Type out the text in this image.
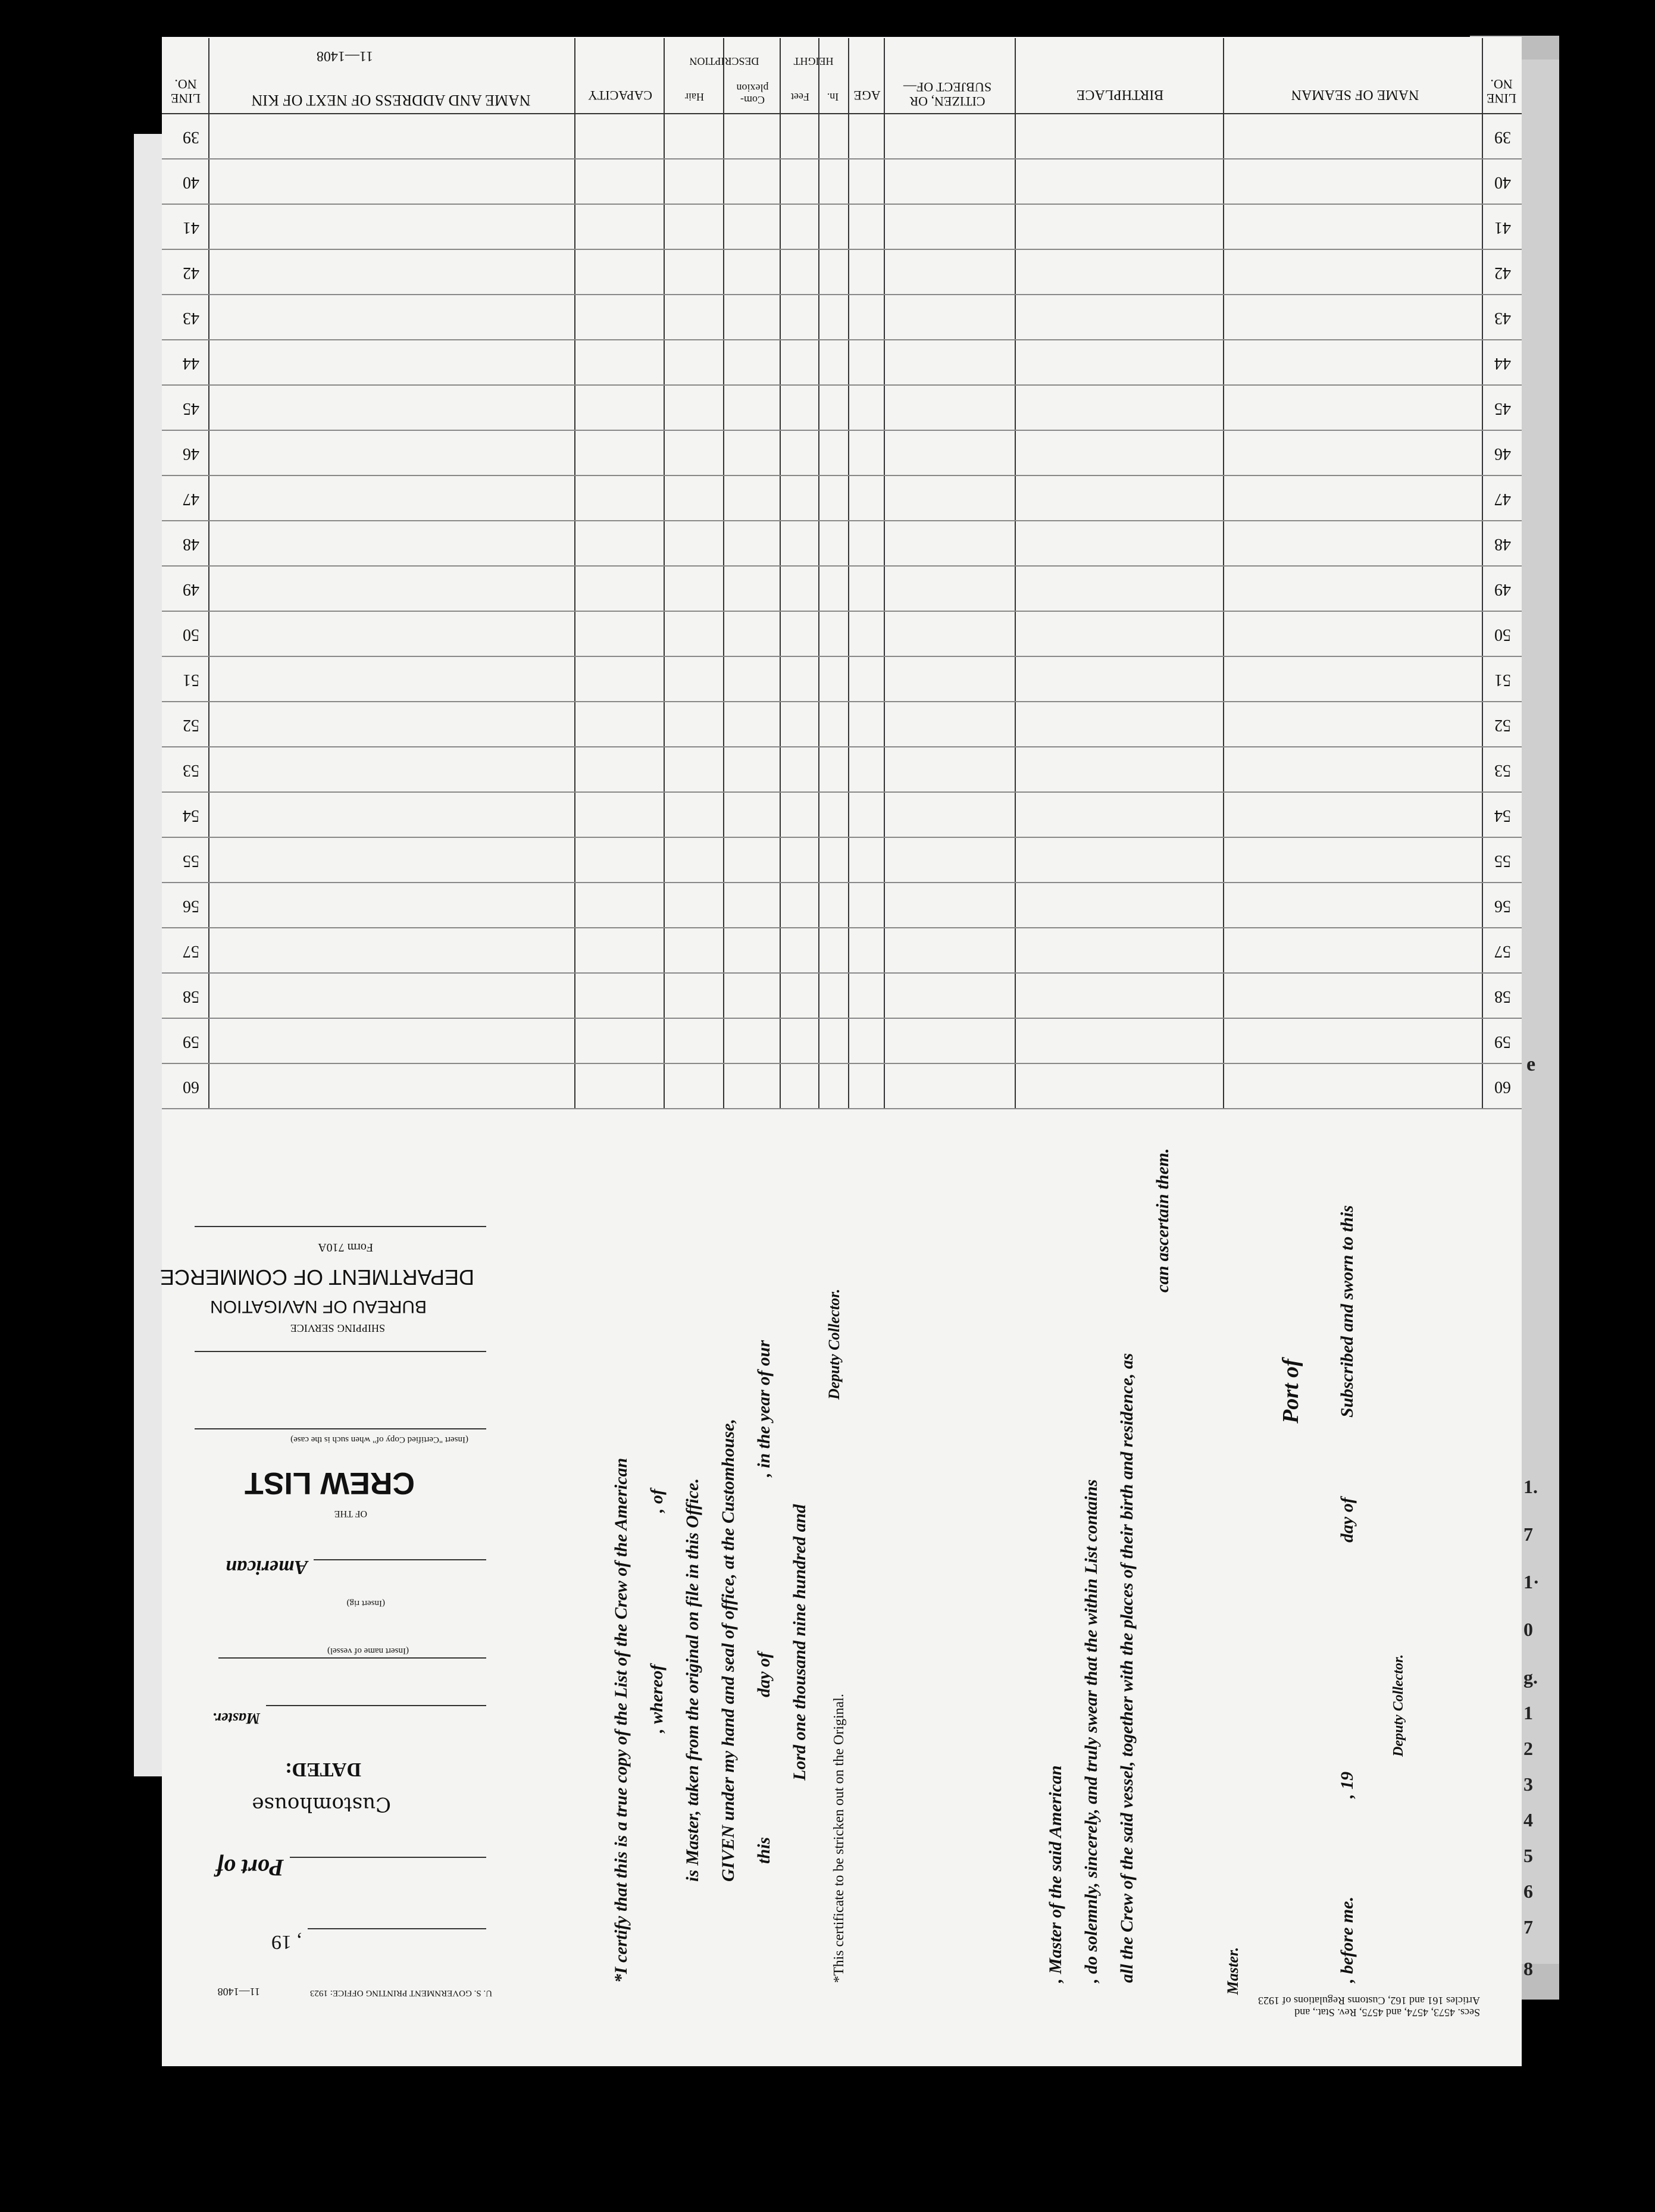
11—1408
LINE NO.
NAME OF SEAMAN
BIRTHPLACE
CITIZEN, OR SUBJECT OF—
AGE
HEIGHT
In.
Feet
DESCRIPTION
Com- plexion
Hair
CAPACITY
NAME AND ADDRESS OF NEXT OF KIN
LINE NO.
39
39
40
40
41
41
42
42
43
43
44
44
45
45
46
46
47
47
48
48
49
49
50
50
51
51
52
52
53
53
54
54
55
55
56
56
57
57
58
58
59
59
60
60
U. S. GOVERNMENT PRINTING OFFICE: 1923
11—1408
, 19
Port of
Customhouse
DATED:
Master.
(Insert name of vessel)
(Insert rig)
American
OF THE
CREW LIST
(Insert "Certified Copy of" when such is the case)
SHIPPING SERVICE
BUREAU OF NAVIGATION
DEPARTMENT OF COMMERCE
Form 710A
*This certificate to be stricken out on the Original.
Lord one thousand nine hundred and
this
day of
, in the year of our
GIVEN under my hand and seal of office, at the Customhouse,
is Master, taken from the original on file in this Office.
, whereof
, of
*I certify that this is a true copy of the List of the Crew of the American
Deputy Collector.
Deputy Collector.
, before me.
, 19
day of
Subscribed and sworn to this
Port of
Master.
can ascertain them.
all the Crew of the said vessel, together with the places of their birth and residence, as
, do solemnly, sincerely, and truly swear that the within List contains
, Master of the said American
Secs. 4573, 4574, and 4575, Rev. Stat., and
Articles 161 and 162, Customs Regulations of 1923
1.
7
1·
0
g.
1
2
3
4
5
6
7
8
e
